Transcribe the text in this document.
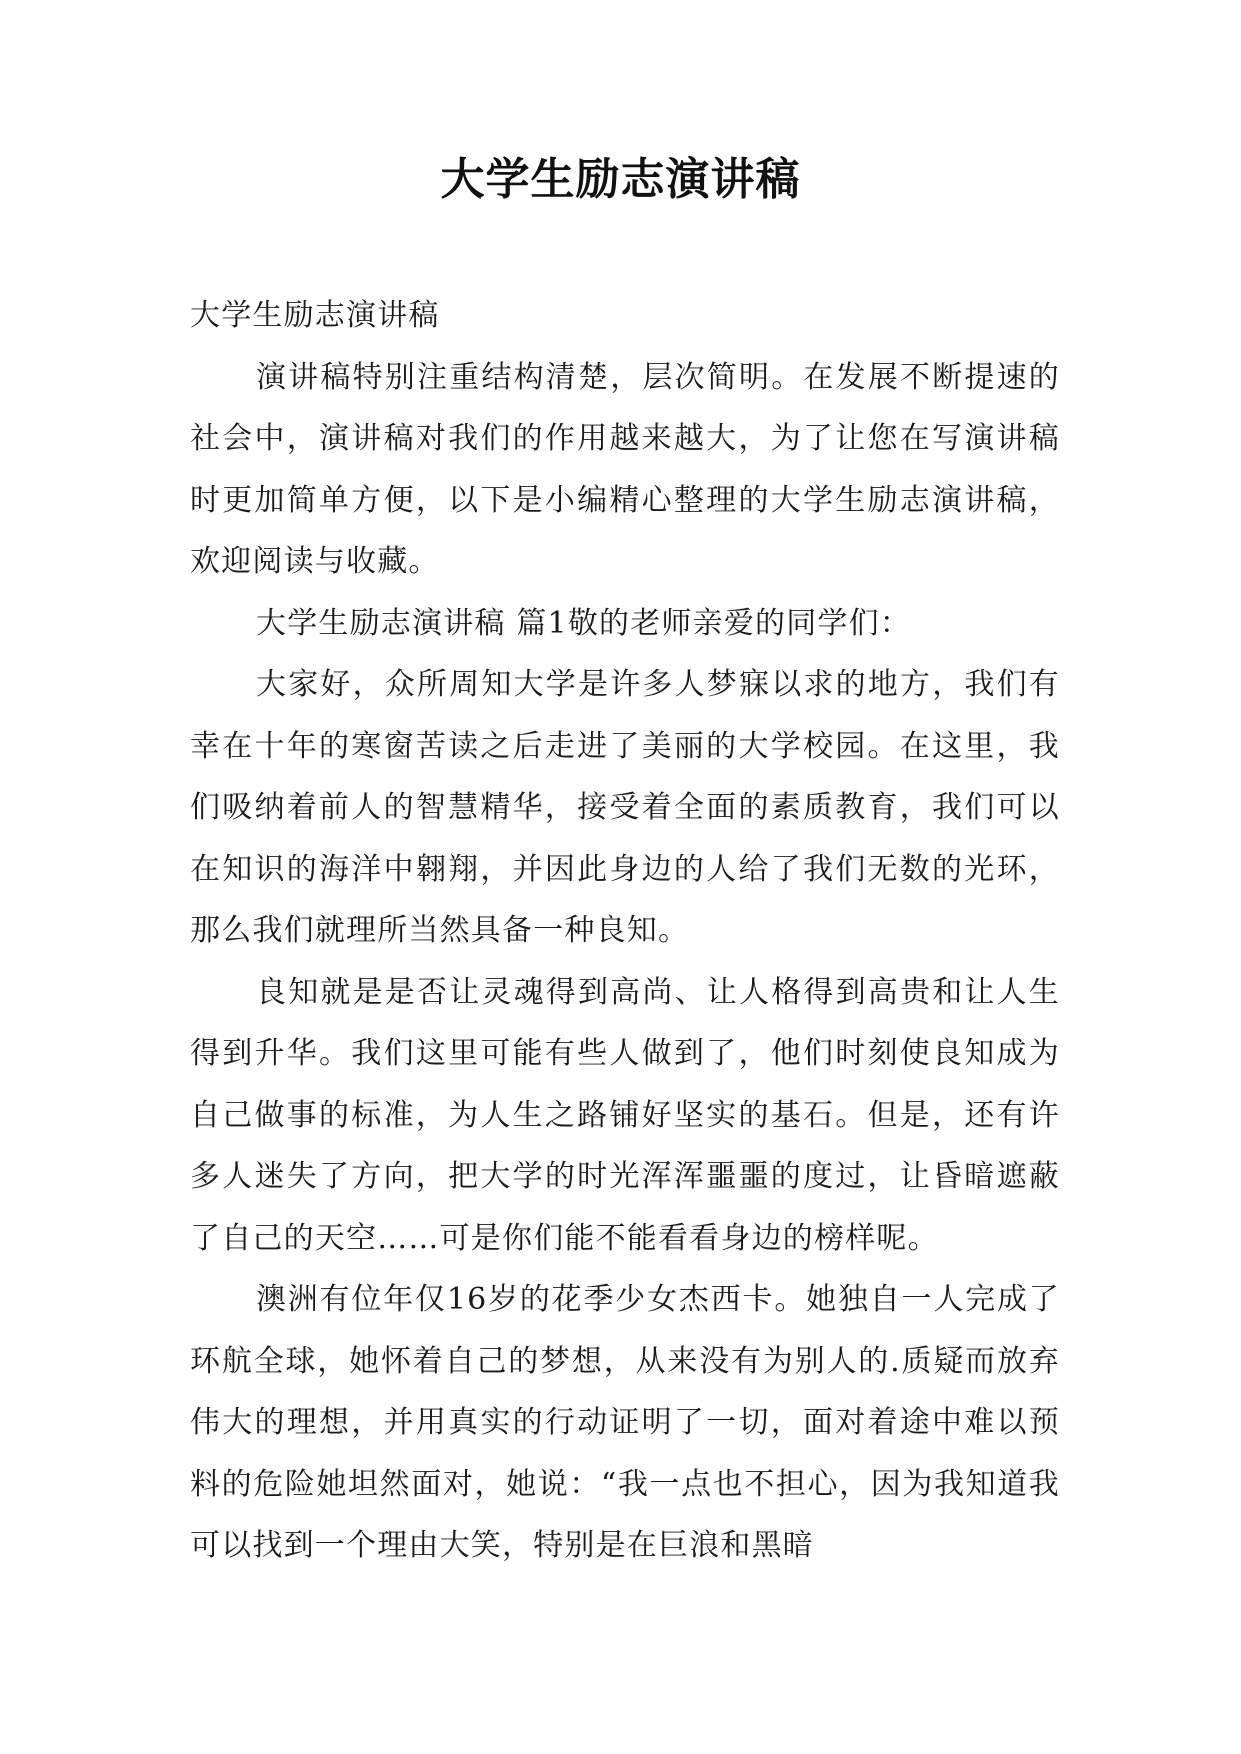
大学生励志演讲稿

大学生励志演讲稿

演讲稿特别注重结构清楚，层次简明。在发展不断提速的社会中，演讲稿对我们的作用越来越大，为了让您在写演讲稿时更加简单方便，以下是小编精心整理的大学生励志演讲稿，欢迎阅读与收藏。

大学生励志演讲稿 篇1敬的老师亲爱的同学们：

大家好，众所周知大学是许多人梦寐以求的地方，我们有幸在十年的寒窗苦读之后走进了美丽的大学校园。在这里，我们吸纳着前人的智慧精华，接受着全面的素质教育，我们可以在知识的海洋中翱翔，并因此身边的人给了我们无数的光环，那么我们就理所当然具备一种良知。

良知就是是否让灵魂得到高尚、让人格得到高贵和让人生得到升华。我们这里可能有些人做到了，他们时刻使良知成为自己做事的标准，为人生之路铺好坚实的基石。但是，还有许多人迷失了方向，把大学的时光浑浑噩噩的度过，让昏暗遮蔽了自己的天空……可是你们能不能看看身边的榜样呢。

澳洲有位年仅16岁的花季少女杰西卡。她独自一人完成了环航全球，她怀着自己的梦想，从来没有为别人的.质疑而放弃伟大的理想，并用真实的行动证明了一切，面对着途中难以预料的危险她坦然面对，她说：“我一点也不担心，因为我知道我可以找到一个理由大笑，特别是在巨浪和黑暗
